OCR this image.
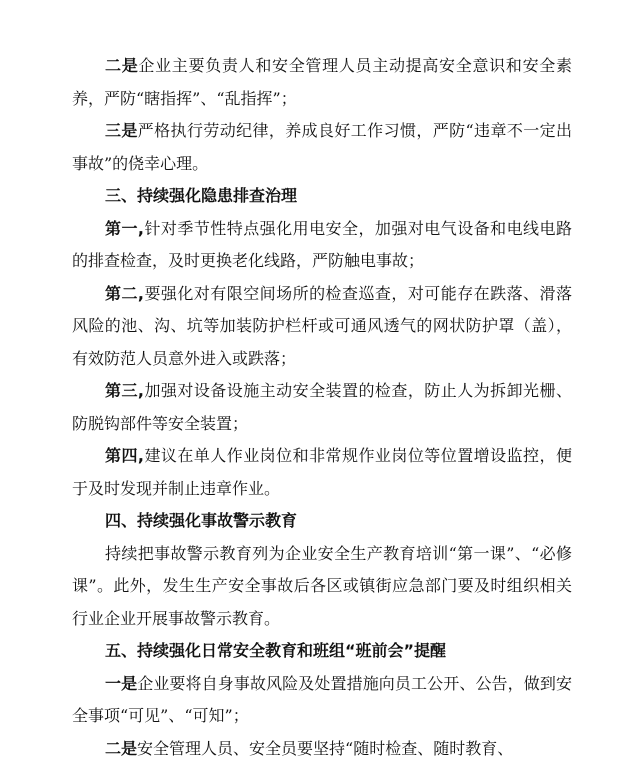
二是企业主要负责人和安全管理人员主动提高安全意识和安全素养，严防“瞎指挥”、“乱指挥”；

三是严格执行劳动纪律，养成良好工作习惯，严防“违章不一定出事故”的侥幸心理。

三、持续强化隐患排查治理

第一,针对季节性特点强化用电安全，加强对电气设备和电线电路的排查检查，及时更换老化线路，严防触电事故；

第二,要强化对有限空间场所的检查巡查，对可能存在跌落、滑落风险的池、沟、坑等加装防护栏杆或可通风透气的网状防护罩（盖），有效防范人员意外进入或跌落；

第三,加强对设备设施主动安全装置的检查，防止人为拆卸光栅、防脱钩部件等安全装置；

第四,建议在单人作业岗位和非常规作业岗位等位置增设监控，便于及时发现并制止违章作业。

四、持续强化事故警示教育

持续把事故警示教育列为企业安全生产教育培训“第一课”、“必修课”。此外，发生生产安全事故后各区或镇街应急部门要及时组织相关行业企业开展事故警示教育。

五、持续强化日常安全教育和班组“班前会”提醒

一是企业要将自身事故风险及处置措施向员工公开、公告，做到安全事项“可见”、“可知”；

二是安全管理人员、安全员要坚持“随时检查、随时教育、
